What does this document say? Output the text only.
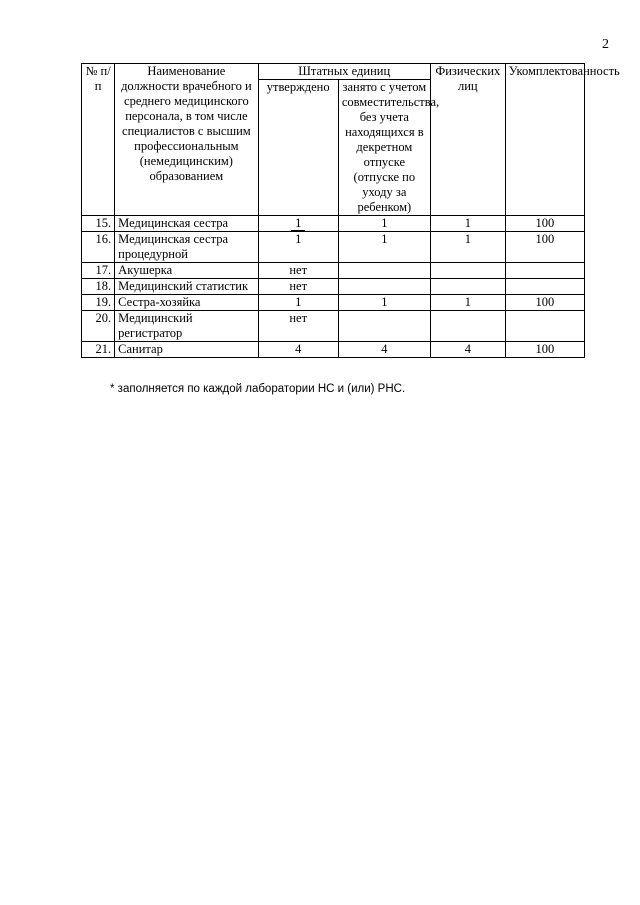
2
№ п/п	Наименование должности врачебного и среднего медицинского персонала, в том числе специалистов с высшим профессиональным (немедицинским) образованием	Штатных единиц		Физических лиц	Укомплектованность
		утверждено	занято с учетом совместительства, без учета находящихся в декретном отпуске (отпуске по уходу за ребенком)		
15.	Медицинская сестра	1	1	1	100
16.	Медицинская сестра процедурной	1	1	1	100
17.	Акушерка	нет			
18.	Медицинский статистик	нет			
19.	Сестра-хозяйка	1	1	1	100
20.	Медицинский регистратор	нет			
21.	Санитар	4	4	4	100
* заполняется по каждой лаборатории НС и (или) РНС.
